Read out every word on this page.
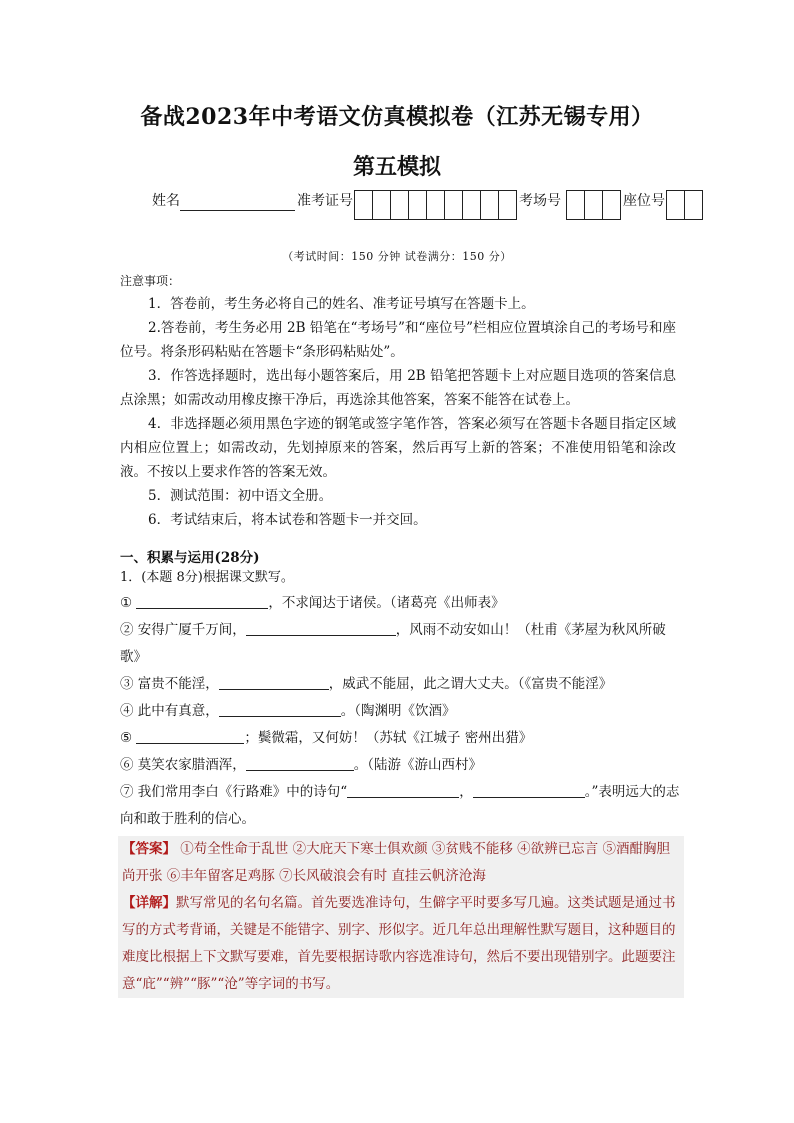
备战2023年中考语文仿真模拟卷（江苏无锡专用）
第五模拟
姓名	准考证号	考场号	座位号
（考试时间：150 分钟 试卷满分：150 分）
注意事项：

1．答卷前，考生务必将自己的姓名、准考证号填写在答题卡上。

2.答卷前，考生务必用 2B 铅笔在“考场号”和“座位号”栏相应位置填涂自己的考场号和座位号。将条形码粘贴在答题卡“条形码粘贴处”。

3．作答选择题时，选出每小题答案后，用 2B 铅笔把答题卡上对应题目选项的答案信息点涂黑；如需改动用橡皮擦干净后，再选涂其他答案，答案不能答在试卷上。

4．非选择题必须用黑色字迹的钢笔或签字笔作答，答案必须写在答题卡各题目指定区域内相应位置上；如需改动，先划掉原来的答案，然后再写上新的答案；不准使用铅笔和涂改液。不按以上要求作答的答案无效。

5．测试范围：初中语文全册。

6．考试结束后，将本试卷和答题卡一并交回。

一、积累与运用(28分)
1．(本题 8分)根据课文默写。

①	，不求闻达于诸侯。（诸葛亮《出师表》

② 安得广厦千万间，	，风雨不动安如山！（杜甫《茅屋为秋风所破歌》

③ 富贵不能淫，	，威武不能屈，此之谓大丈夫。（《富贵不能淫》

④ 此中有真意，	。（陶渊明《饮酒》

⑤	；鬓微霜，又何妨！（苏轼《江城子 密州出猎》

⑥ 莫笑农家腊酒浑，	。（陆游《游山西村》

⑦ 我们常用李白《行路难》中的诗句“	，	。”表明远大的志向和敢于胜利的信心。

【答案】 ①苟全性命于乱世 ②大庇天下寒士俱欢颜 ③贫贱不能移 ④欲辨已忘言 ⑤酒酣胸胆尚开张 ⑥丰年留客足鸡豚 ⑦长风破浪会有时 直挂云帆济沧海

【详解】默写常见的名句名篇。首先要选准诗句，生僻字平时要多写几遍。这类试题是通过书写的方式考背诵，关键是不能错字、别字、形似字。近几年总出理解性默写题目，这种题目的难度比根据上下文默写要难，首先要根据诗歌内容选准诗句，然后不要出现错别字。此题要注意“庇”“辨”“豚”“沧”等字词的书写。
